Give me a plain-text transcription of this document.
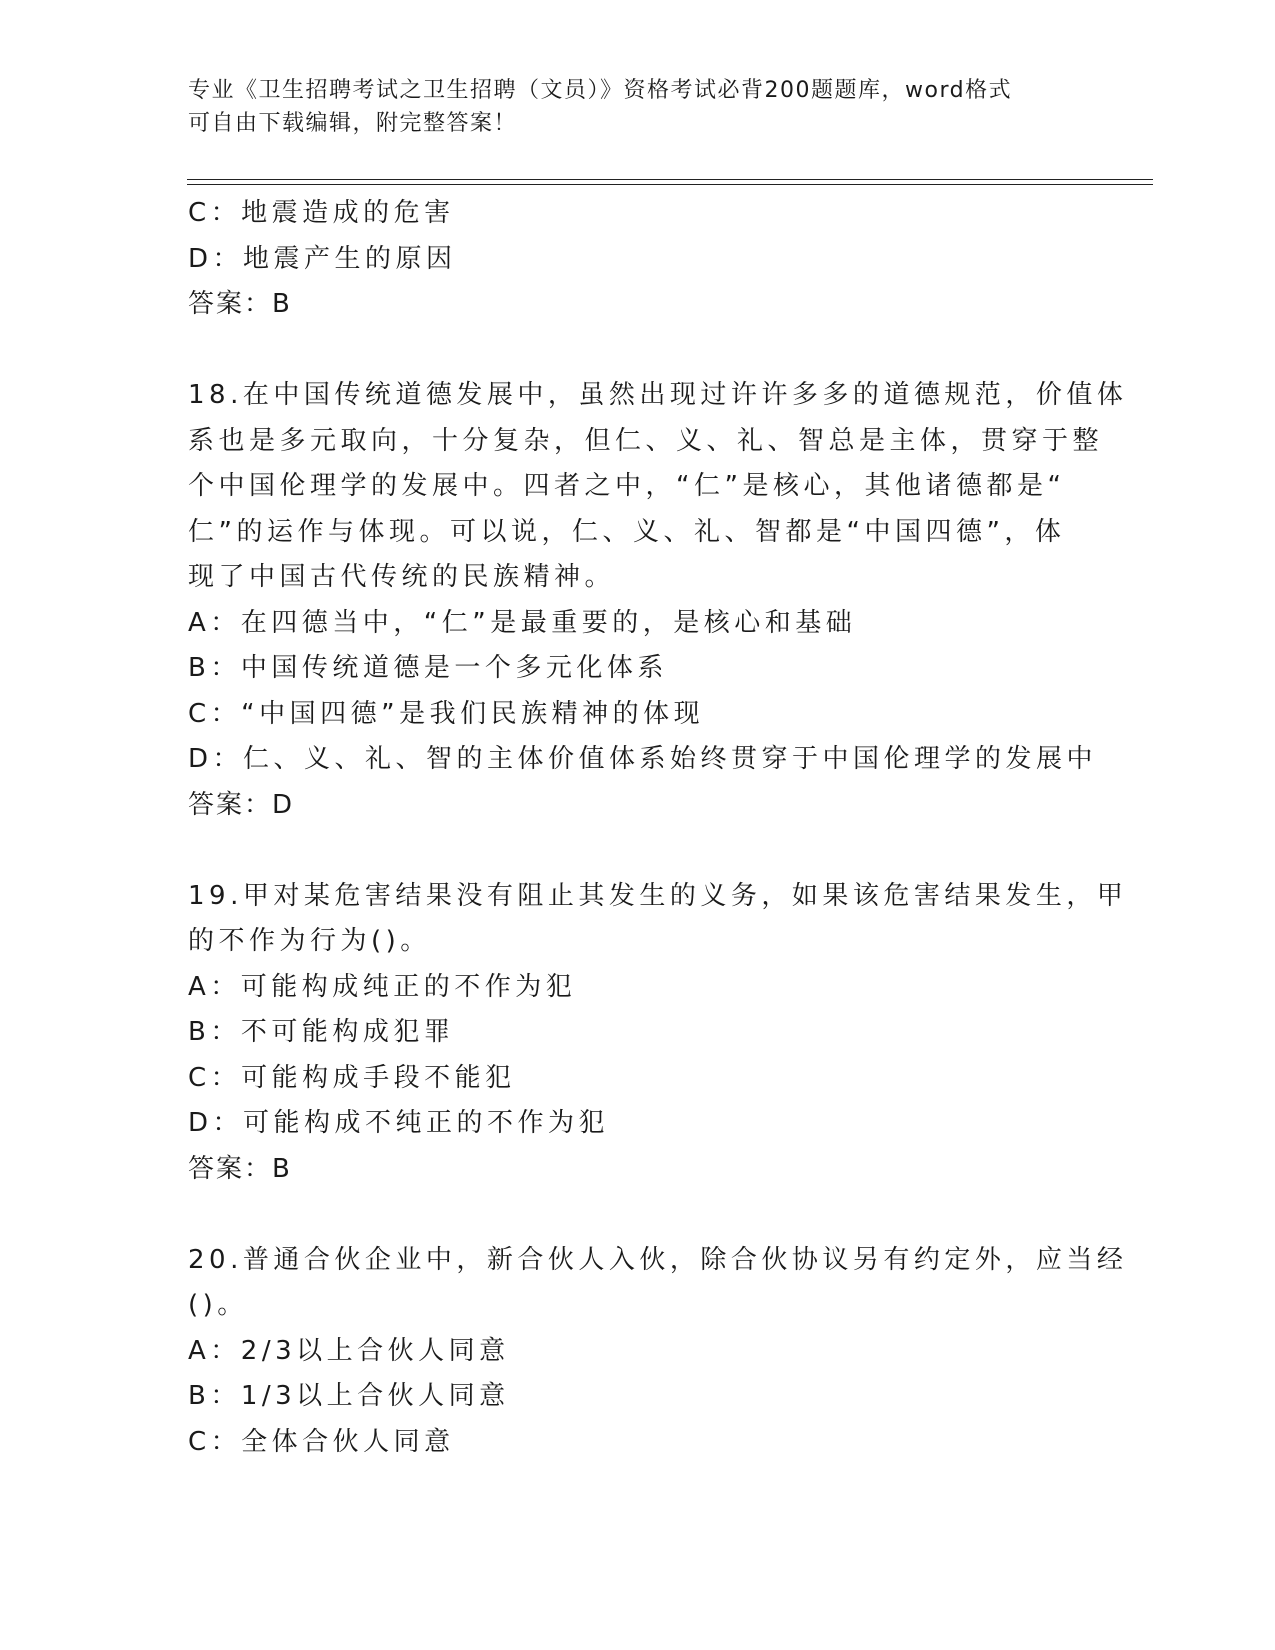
专业《卫生招聘考试之卫生招聘（文员）》资格考试必背200题题库，word格式
可自由下载编辑，附完整答案！
C：地震造成的危害
D：地震产生的原因
答案：B
18.在中国传统道德发展中，虽然出现过许许多多的道德规范，价值体
系也是多元取向，十分复杂，但仁、义、礼、智总是主体，贯穿于整
个中国伦理学的发展中。四者之中，“仁”是核心，其他诸德都是“
仁”的运作与体现。可以说，仁、义、礼、智都是“中国四德”，体
现了中国古代传统的民族精神。
A：在四德当中，“仁”是最重要的，是核心和基础
B：中国传统道德是一个多元化体系
C：“中国四德”是我们民族精神的体现
D：仁、义、礼、智的主体价值体系始终贯穿于中国伦理学的发展中
答案：D
19.甲对某危害结果没有阻止其发生的义务，如果该危害结果发生，甲
的不作为行为()。
A：可能构成纯正的不作为犯
B：不可能构成犯罪
C：可能构成手段不能犯
D：可能构成不纯正的不作为犯
答案：B
20.普通合伙企业中，新合伙人入伙，除合伙协议另有约定外，应当经
()。
A：2/3以上合伙人同意
B：1/3以上合伙人同意
C：全体合伙人同意
